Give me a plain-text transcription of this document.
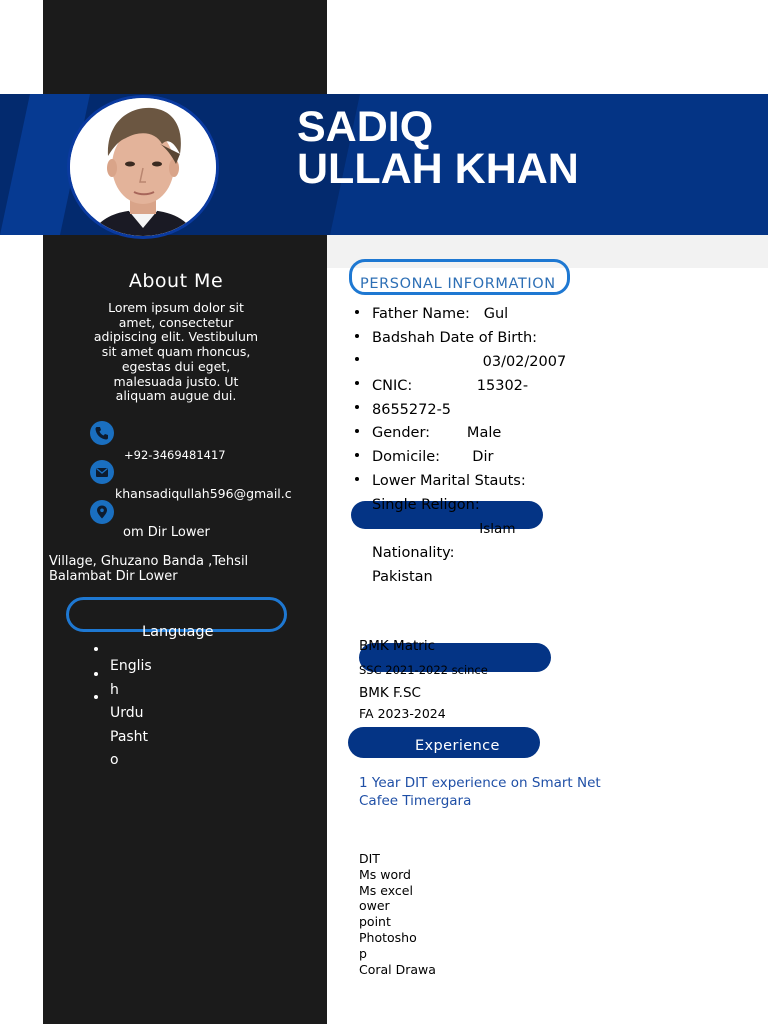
SADIQ
ULLAH KHAN
About Me
Lorem ipsum dolor sit amet, consectetur adipiscing elit. Vestibulum sit amet quam rhoncus, egestas dui eget, malesuada justo. Ut aliquam augue dui.
+92-3469481417
khansadiqullah596@gmail.c
om Dir Lower
Village, Ghuzano Banda ,Tehsil
Balambat Dir Lower
Language
Englis
h
Urdu
Pasht
o
PERSONAL INFORMATION
Father Name:   Gul
Badshah Date of Birth:
03/02/2007
CNIC:              15302-
8655272-5
Gender:        Male
Domicile:       Dir
Lower Marital Stauts:
Single Religon:
Islam
Nationality:
Pakistan
BMK Matric
SSC 2021-2022 scince
BMK F.SC
FA 2023-2024
Experience
1 Year DIT experience on Smart Net Cafee Timergara
DIT
Ms word
Ms excel
ower
point
Photosho
p
Coral Drawa
